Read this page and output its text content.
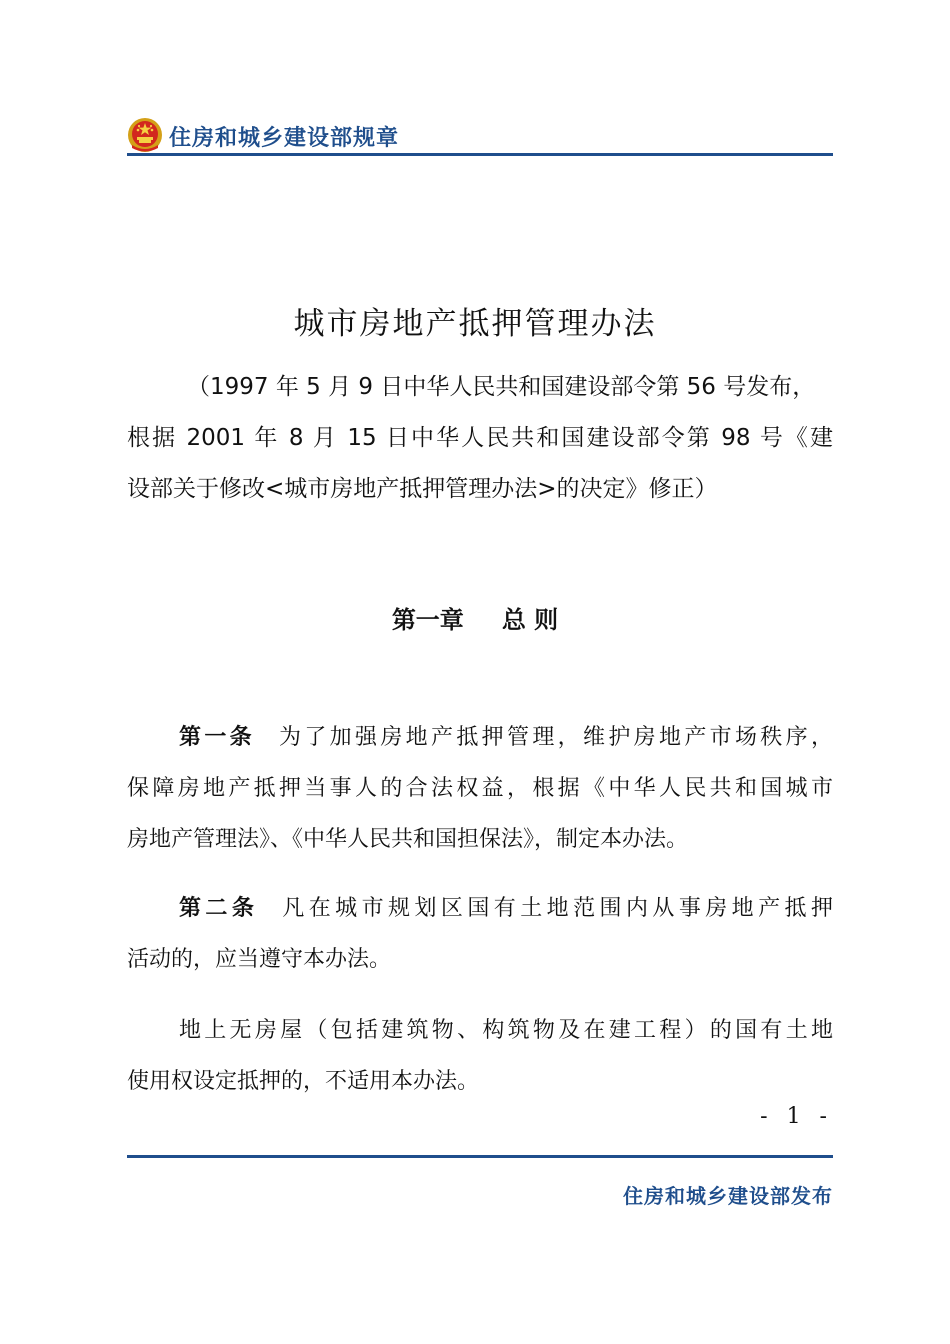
住房和城乡建设部规章
城市房地产抵押管理办法
（1997 年 5 月 9 日中华人民共和国建设部令第 56 号发布，
根据 2001 年 8 月 15 日中华人民共和国建设部令第 98 号《建
设部关于修改<城市房地产抵押管理办法>的决定》修正）
第一章 总 则
第一条 为了加强房地产抵押管理，维护房地产市场秩序，
保障房地产抵押当事人的合法权益，根据《中华人民共和国城市
房地产管理法》、《中华人民共和国担保法》，制定本办法。
第二条 凡在城市规划区国有土地范围内从事房地产抵押
活动的，应当遵守本办法。
地上无房屋（包括建筑物、构筑物及在建工程）的国有土地
使用权设定抵押的，不适用本办法。
- 1 -
住房和城乡建设部发布
